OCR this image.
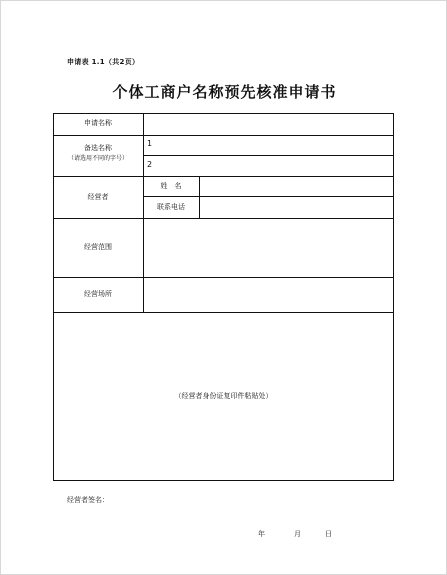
申请表 1.1（共2页）
个体工商户名称预先核准申请书
申请名称
备选名称
（请选用不同的字号）
1
2
经营者
姓　名
联系电话
经营范围
经营场所
（经营者身份证复印件粘贴处）
经营者签名：
年	月	日
